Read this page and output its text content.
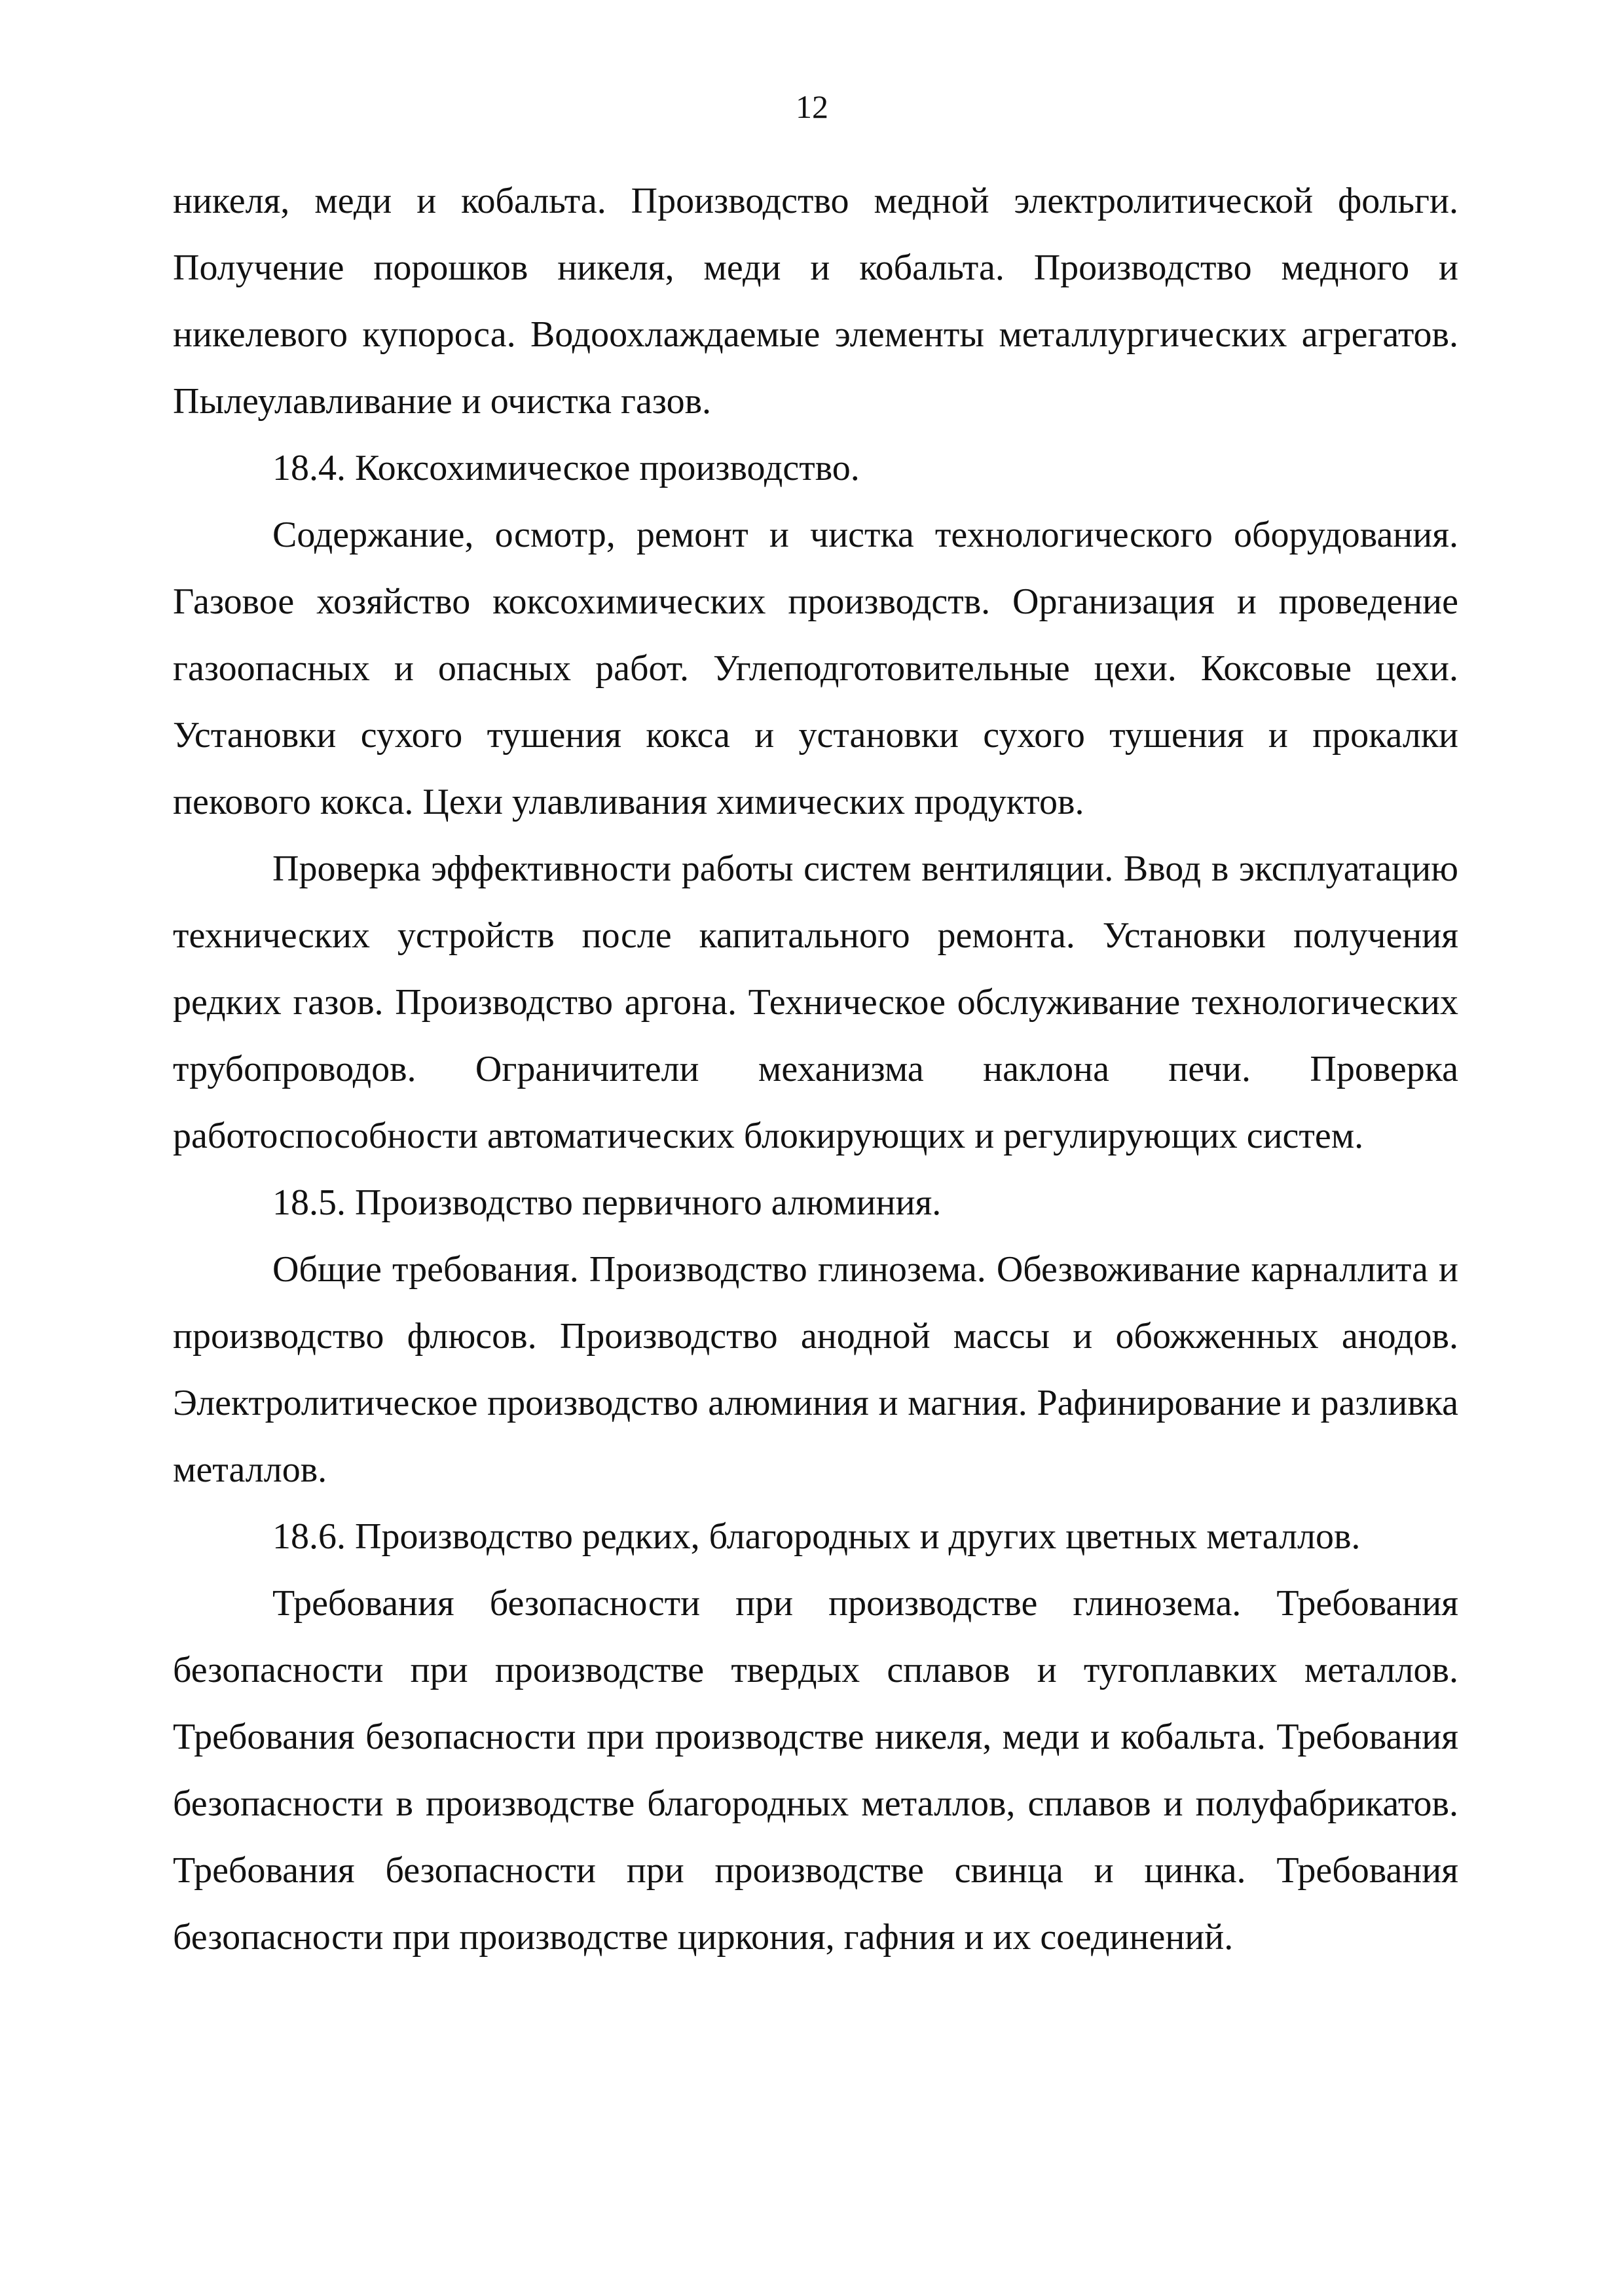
12

никеля, меди и кобальта. Производство медной электролитической фольги. Получение порошков никеля, меди и кобальта. Производство медного и никелевого купороса. Водоохлаждаемые элементы металлургических агрегатов. Пылеулавливание и очистка газов.

18.4. Коксохимическое производство.

Содержание, осмотр, ремонт и чистка технологического оборудования. Газовое хозяйство коксохимических производств. Организация и проведение газоопасных и опасных работ. Углеподготовительные цехи. Коксовые цехи. Установки сухого тушения кокса и установки сухого тушения и прокалки пекового кокса. Цехи улавливания химических продуктов.

Проверка эффективности работы систем вентиляции. Ввод в эксплуатацию технических устройств после капитального ремонта. Установки получения редких газов. Производство аргона. Техническое обслуживание технологических трубопроводов. Ограничители механизма наклона печи. Проверка работоспособности автоматических блокирующих и регулирующих систем.

18.5. Производство первичного алюминия.

Общие требования. Производство глинозема. Обезвоживание карналлита и производство флюсов. Производство анодной массы и обожженных анодов. Электролитическое производство алюминия и магния. Рафинирование и разливка металлов.

18.6. Производство редких, благородных и других цветных металлов.

Требования безопасности при производстве глинозема. Требования безопасности при производстве твердых сплавов и тугоплавких металлов. Требования безопасности при производстве никеля, меди и кобальта. Требования безопасности в производстве благородных металлов, сплавов и полуфабрикатов. Требования безопасности при производстве свинца и цинка. Требования безопасности при производстве циркония, гафния и их соединений.
